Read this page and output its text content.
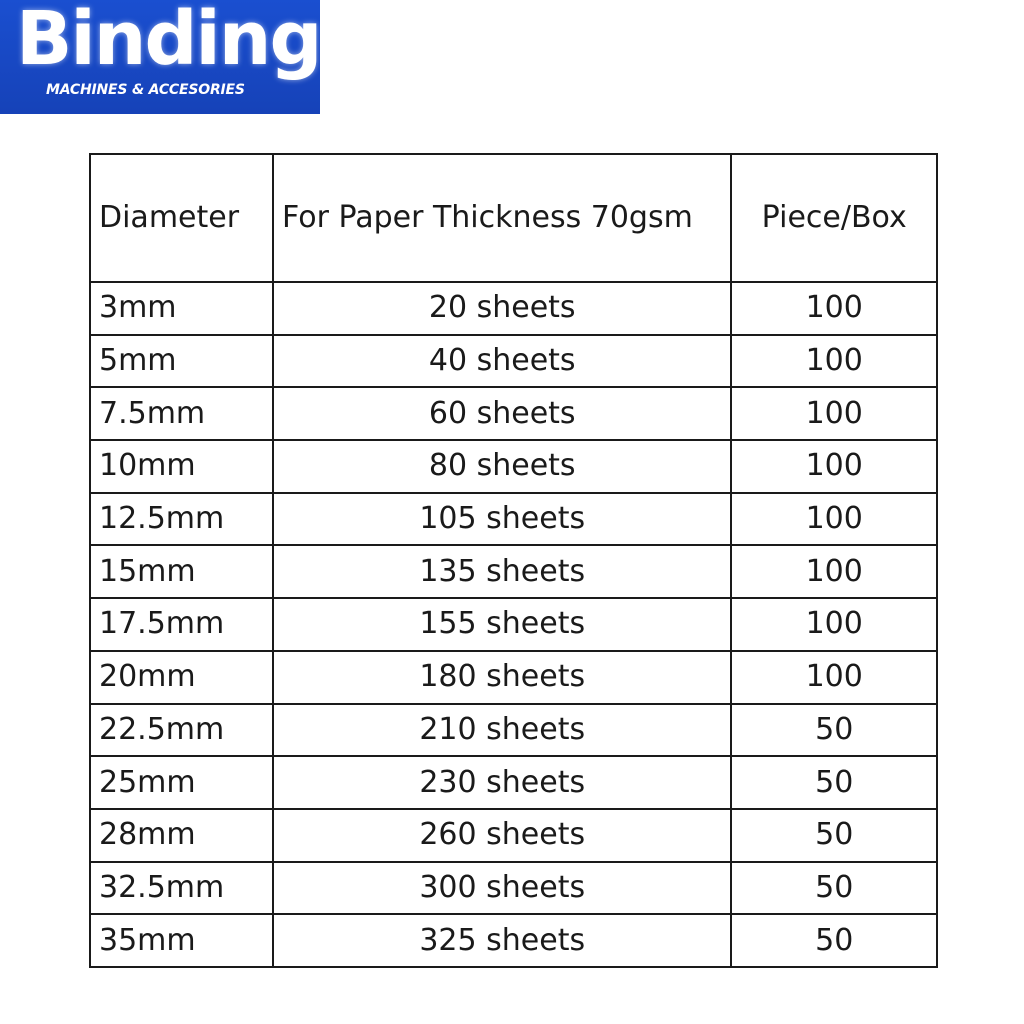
Binding
MACHINES & ACCESORIES
Diameter	For Paper Thickness 70gsm	Piece/Box
3mm	20 sheets	100
5mm	40 sheets	100
7.5mm	60 sheets	100
10mm	80 sheets	100
12.5mm	105 sheets	100
15mm	135 sheets	100
17.5mm	155 sheets	100
20mm	180 sheets	100
22.5mm	210 sheets	50
25mm	230 sheets	50
28mm	260 sheets	50
32.5mm	300 sheets	50
35mm	325 sheets	50
